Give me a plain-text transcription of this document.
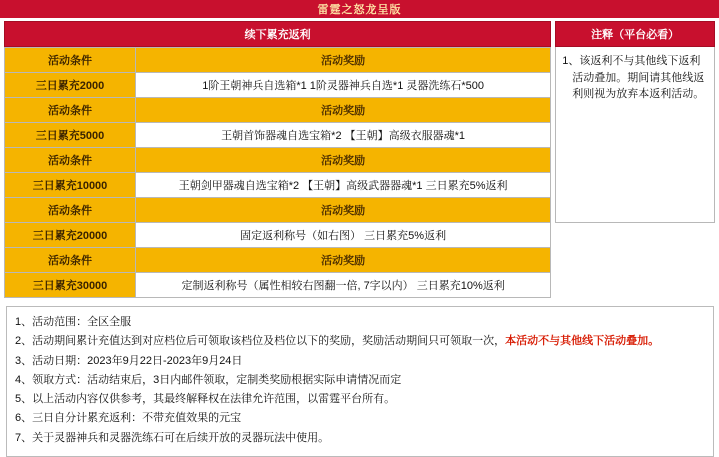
雷霆之怒龙呈版
续下累充返利
活动条件	活动奖励
三日累充2000	1阶王朝神兵自选箱*1 1阶灵器神兵自选*1 灵器洗练石*500
活动条件	活动奖励
三日累充5000	王朝首饰器魂自选宝箱*2 【王朝】高级衣服器魂*1
活动条件	活动奖励
三日累充10000	王朝剑甲器魂自选宝箱*2 【王朝】高级武器器魂*1 三日累充5%返利
活动条件	活动奖励
三日累充20000	固定返利称号（如右图） 三日累充5%返利
活动条件	活动奖励
三日累充30000	定制返利称号（属性相较右图翻一倍, 7字以内） 三日累充10%返利
注释（平台必看）
1、该返利不与其他线下返利活动叠加。期间请其他线返利则视为放弃本返利活动。
1、活动范围：全区全服
2、活动期间累计充值达到对应档位后可领取该档位及档位以下的奖励，奖励活动期间只可领取一次，本活动不与其他线下活动叠加。
3、活动日期：2023年9月22日-2023年9月24日
4、领取方式：活动结束后，3日内邮件领取，定制类奖励根据实际申请情况而定
5、以上活动内容仅供参考，其最终解释权在法律允许范围，以雷霆平台所有。
6、三日自分计累充返利：不带充值效果的元宝
7、关于灵器神兵和灵器洗练石可在后续开放的灵器玩法中使用。
